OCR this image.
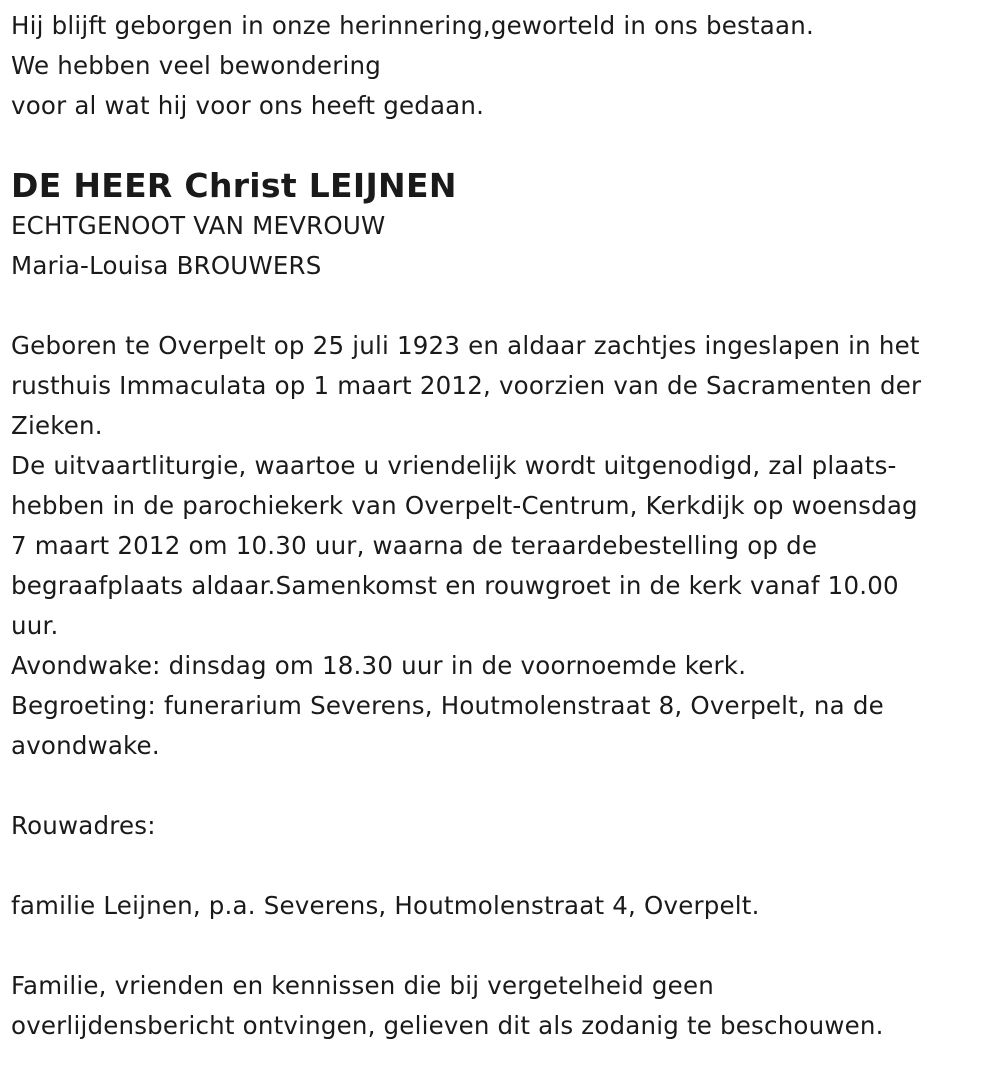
Hij blijft geborgen in onze herinnering,geworteld in ons bestaan.
We hebben veel bewondering
voor al wat hij voor ons heeft gedaan.
DE HEER Christ LEIJNEN
ECHTGENOOT VAN MEVROUW
Maria-Louisa BROUWERS
Geboren te Overpelt op 25 juli 1923 en aldaar zachtjes ingeslapen in het
rusthuis Immaculata op 1 maart 2012, voorzien van de Sacramenten der
Zieken.
De uitvaartliturgie, waartoe u vriendelijk wordt uitgenodigd, zal plaats-
hebben in de parochiekerk van Overpelt-Centrum, Kerkdijk op woensdag
7 maart 2012 om 10.30 uur, waarna de teraardebestelling op de
begraafplaats aldaar.Samenkomst en rouwgroet in de kerk vanaf 10.00
uur.
Avondwake: dinsdag om 18.30 uur in de voornoemde kerk.
Begroeting: funerarium Severens, Houtmolenstraat 8, Overpelt, na de
avondwake.
Rouwadres:
familie Leijnen, p.a. Severens, Houtmolenstraat 4, Overpelt.
Familie, vrienden en kennissen die bij vergetelheid geen
overlijdensbericht ontvingen, gelieven dit als zodanig te beschouwen.
